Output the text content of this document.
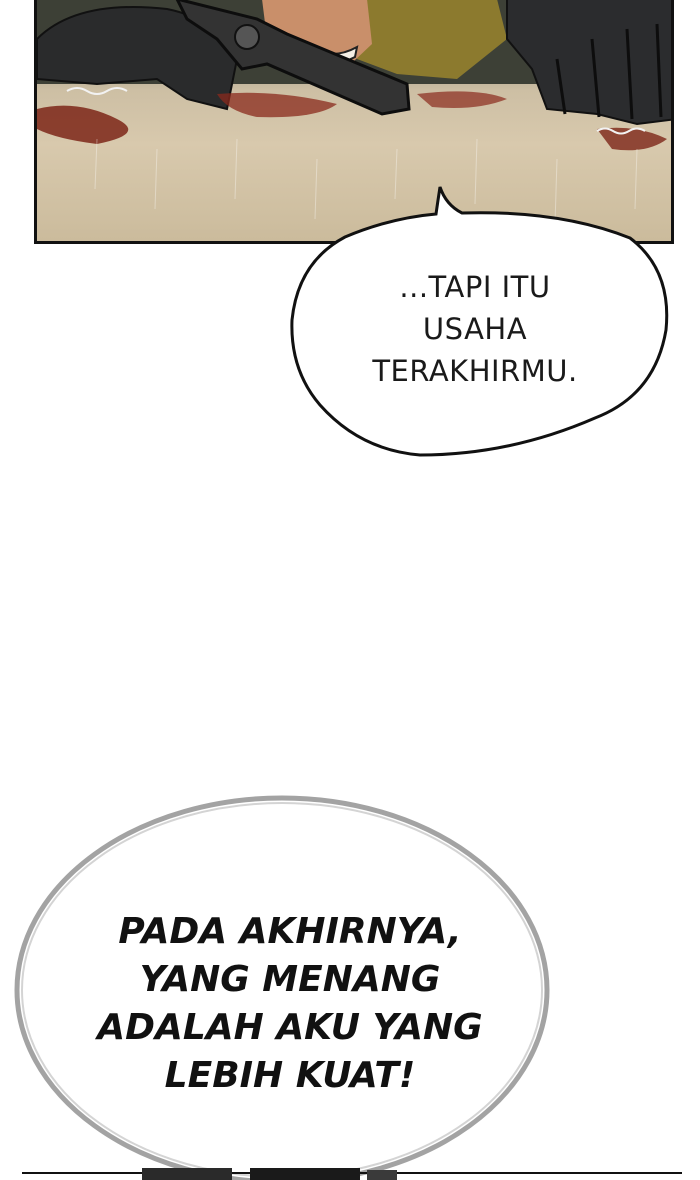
...TAPI ITU
USAHA
TERAKHIRMU.
PADA AKHIRNYA,
YANG MENANG
ADALAH AKU YANG
LEBIH KUAT!
